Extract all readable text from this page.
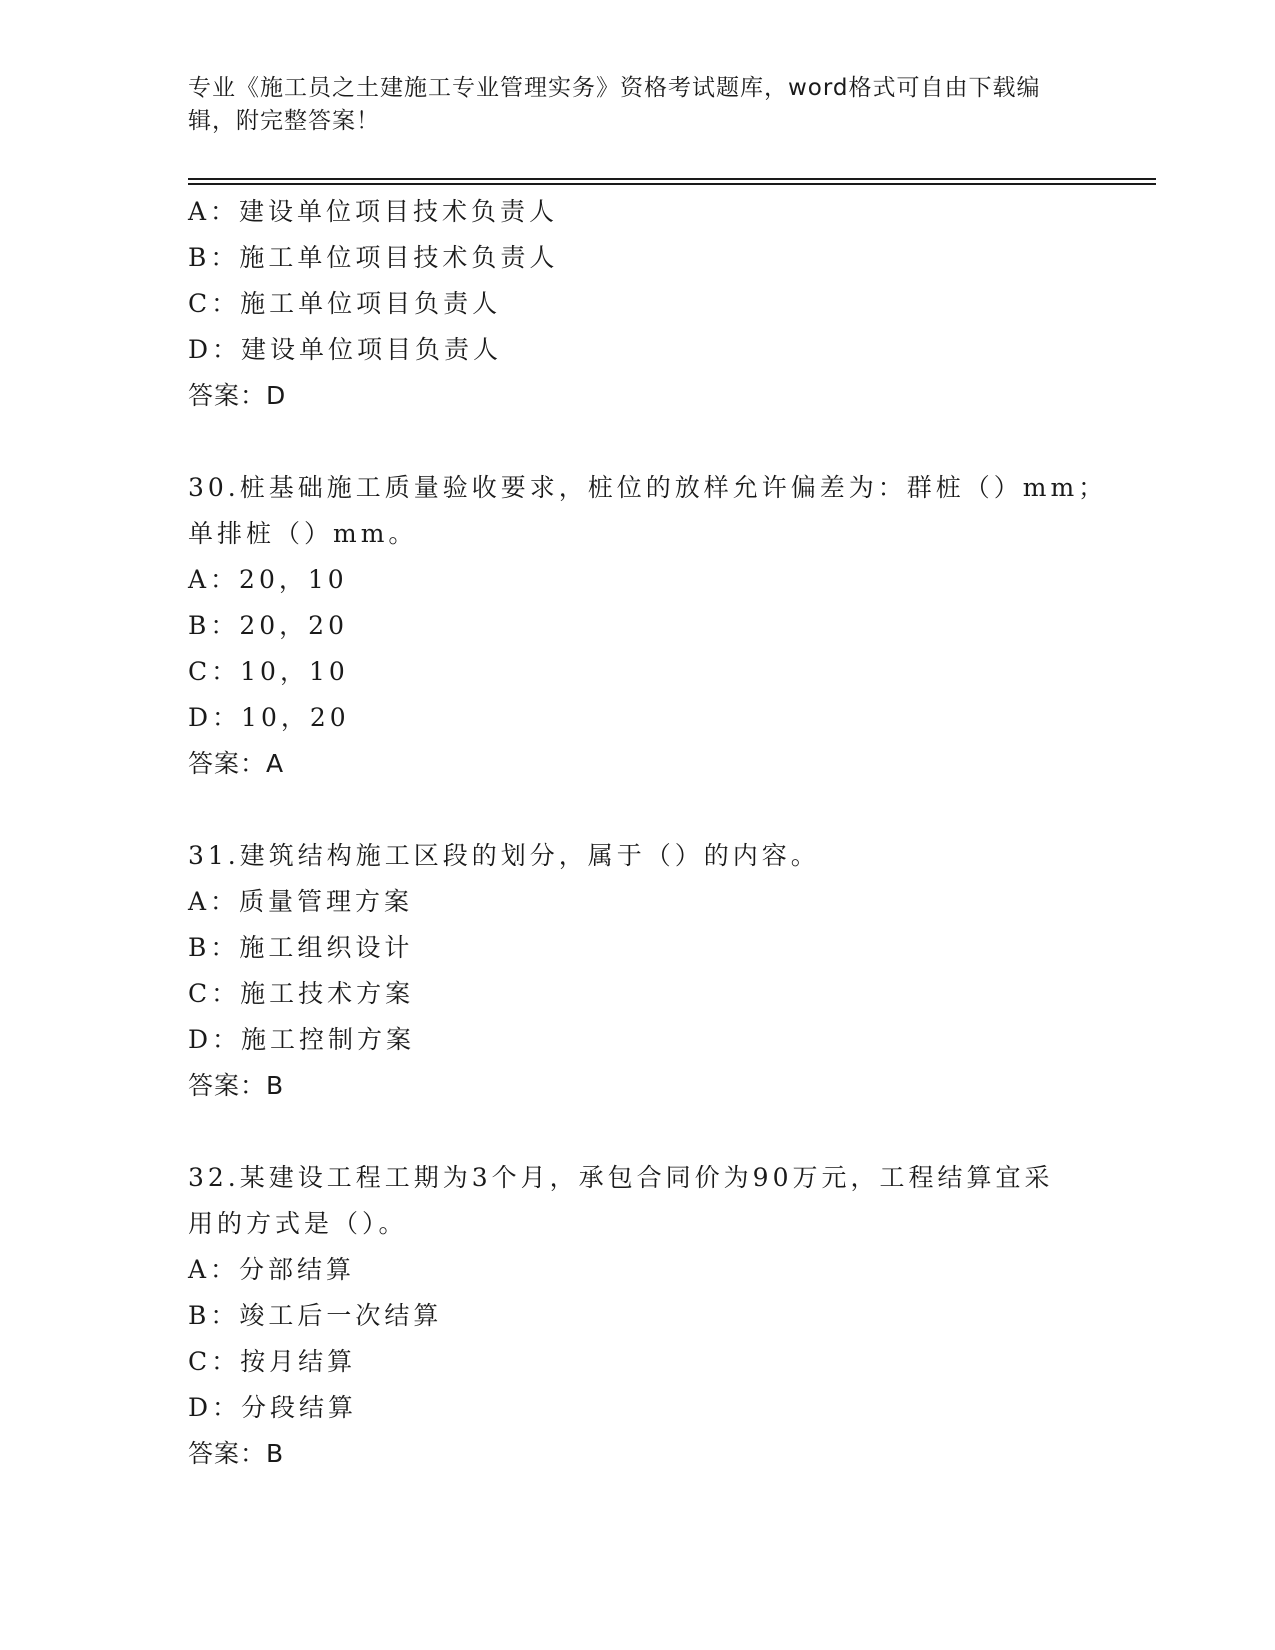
专业《施工员之土建施工专业管理实务》资格考试题库，word格式可自由下载编
辑，附完整答案！
A：建设单位项目技术负责人
B：施工单位项目技术负责人
C：施工单位项目负责人
D：建设单位项目负责人
答案：D
30.桩基础施工质量验收要求，桩位的放样允许偏差为：群桩（）mm；
单排桩（）mm。
A：20，10
B：20，20
C：10，10
D：10，20
答案：A
31.建筑结构施工区段的划分，属于（）的内容。
A：质量管理方案
B：施工组织设计
C：施工技术方案
D：施工控制方案
答案：B
32.某建设工程工期为3个月，承包合同价为90万元，工程结算宜采
用的方式是（）。
A：分部结算
B：竣工后一次结算
C：按月结算
D：分段结算
答案：B
